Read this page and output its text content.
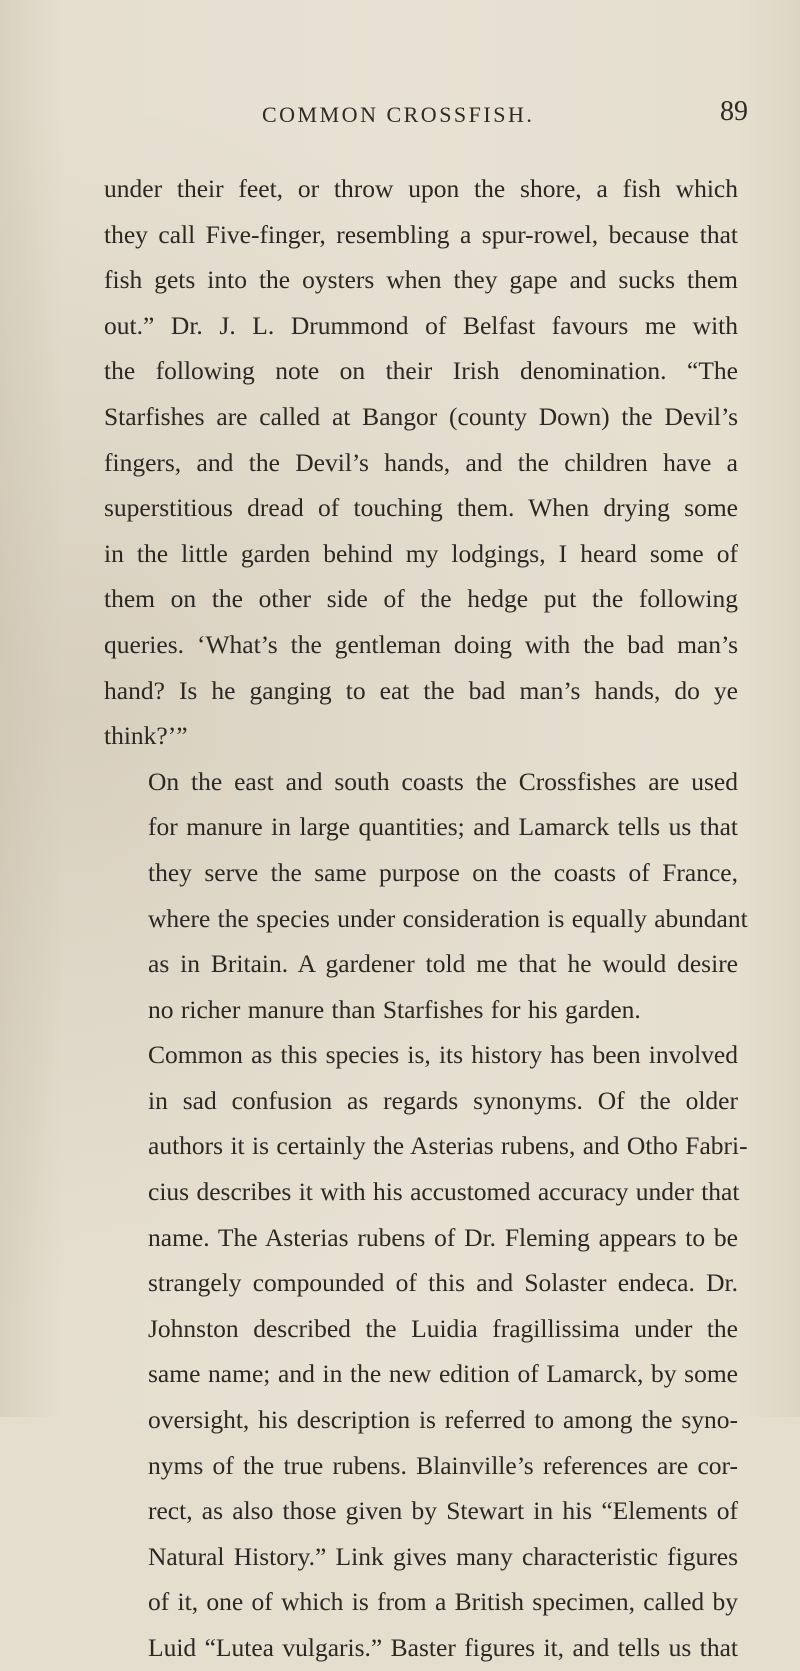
COMMON CROSSFISH.	89

under their feet, or throw upon the shore, a fish which
they call Five-finger, resembling a spur-rowel, because that
fish gets into the oysters when they gape and sucks them
out.” Dr. J. L. Drummond of Belfast favours me with
the following note on their Irish denomination. “The
Starfishes are called at Bangor (county Down) the Devil’s
fingers, and the Devil’s hands, and the children have a
superstitious dread of touching them. When drying some
in the little garden behind my lodgings, I heard some of
them on the other side of the hedge put the following
queries. ‘What’s the gentleman doing with the bad man’s
hand? Is he ganging to eat the bad man’s hands, do ye
think?’”

On the east and south coasts the Crossfishes are used
for manure in large quantities; and Lamarck tells us that
they serve the same purpose on the coasts of France,
where the species under consideration is equally abundant
as in Britain. A gardener told me that he would desire
no richer manure than Starfishes for his garden.

Common as this species is, its history has been involved
in sad confusion as regards synonyms. Of the older
authors it is certainly the Asterias rubens, and Otho Fabri-
cius describes it with his accustomed accuracy under that
name. The Asterias rubens of Dr. Fleming appears to be
strangely compounded of this and Solaster endeca. Dr.
Johnston described the Luidia fragillissima under the
same name; and in the new edition of Lamarck, by some
oversight, his description is referred to among the syno-
nyms of the true rubens. Blainville’s references are cor-
rect, as also those given by Stewart in his “Elements of
Natural History.” Link gives many characteristic figures
of it, one of which is from a British specimen, called by
Luid “Lutea vulgaris.” Baster figures it, and tells us that
